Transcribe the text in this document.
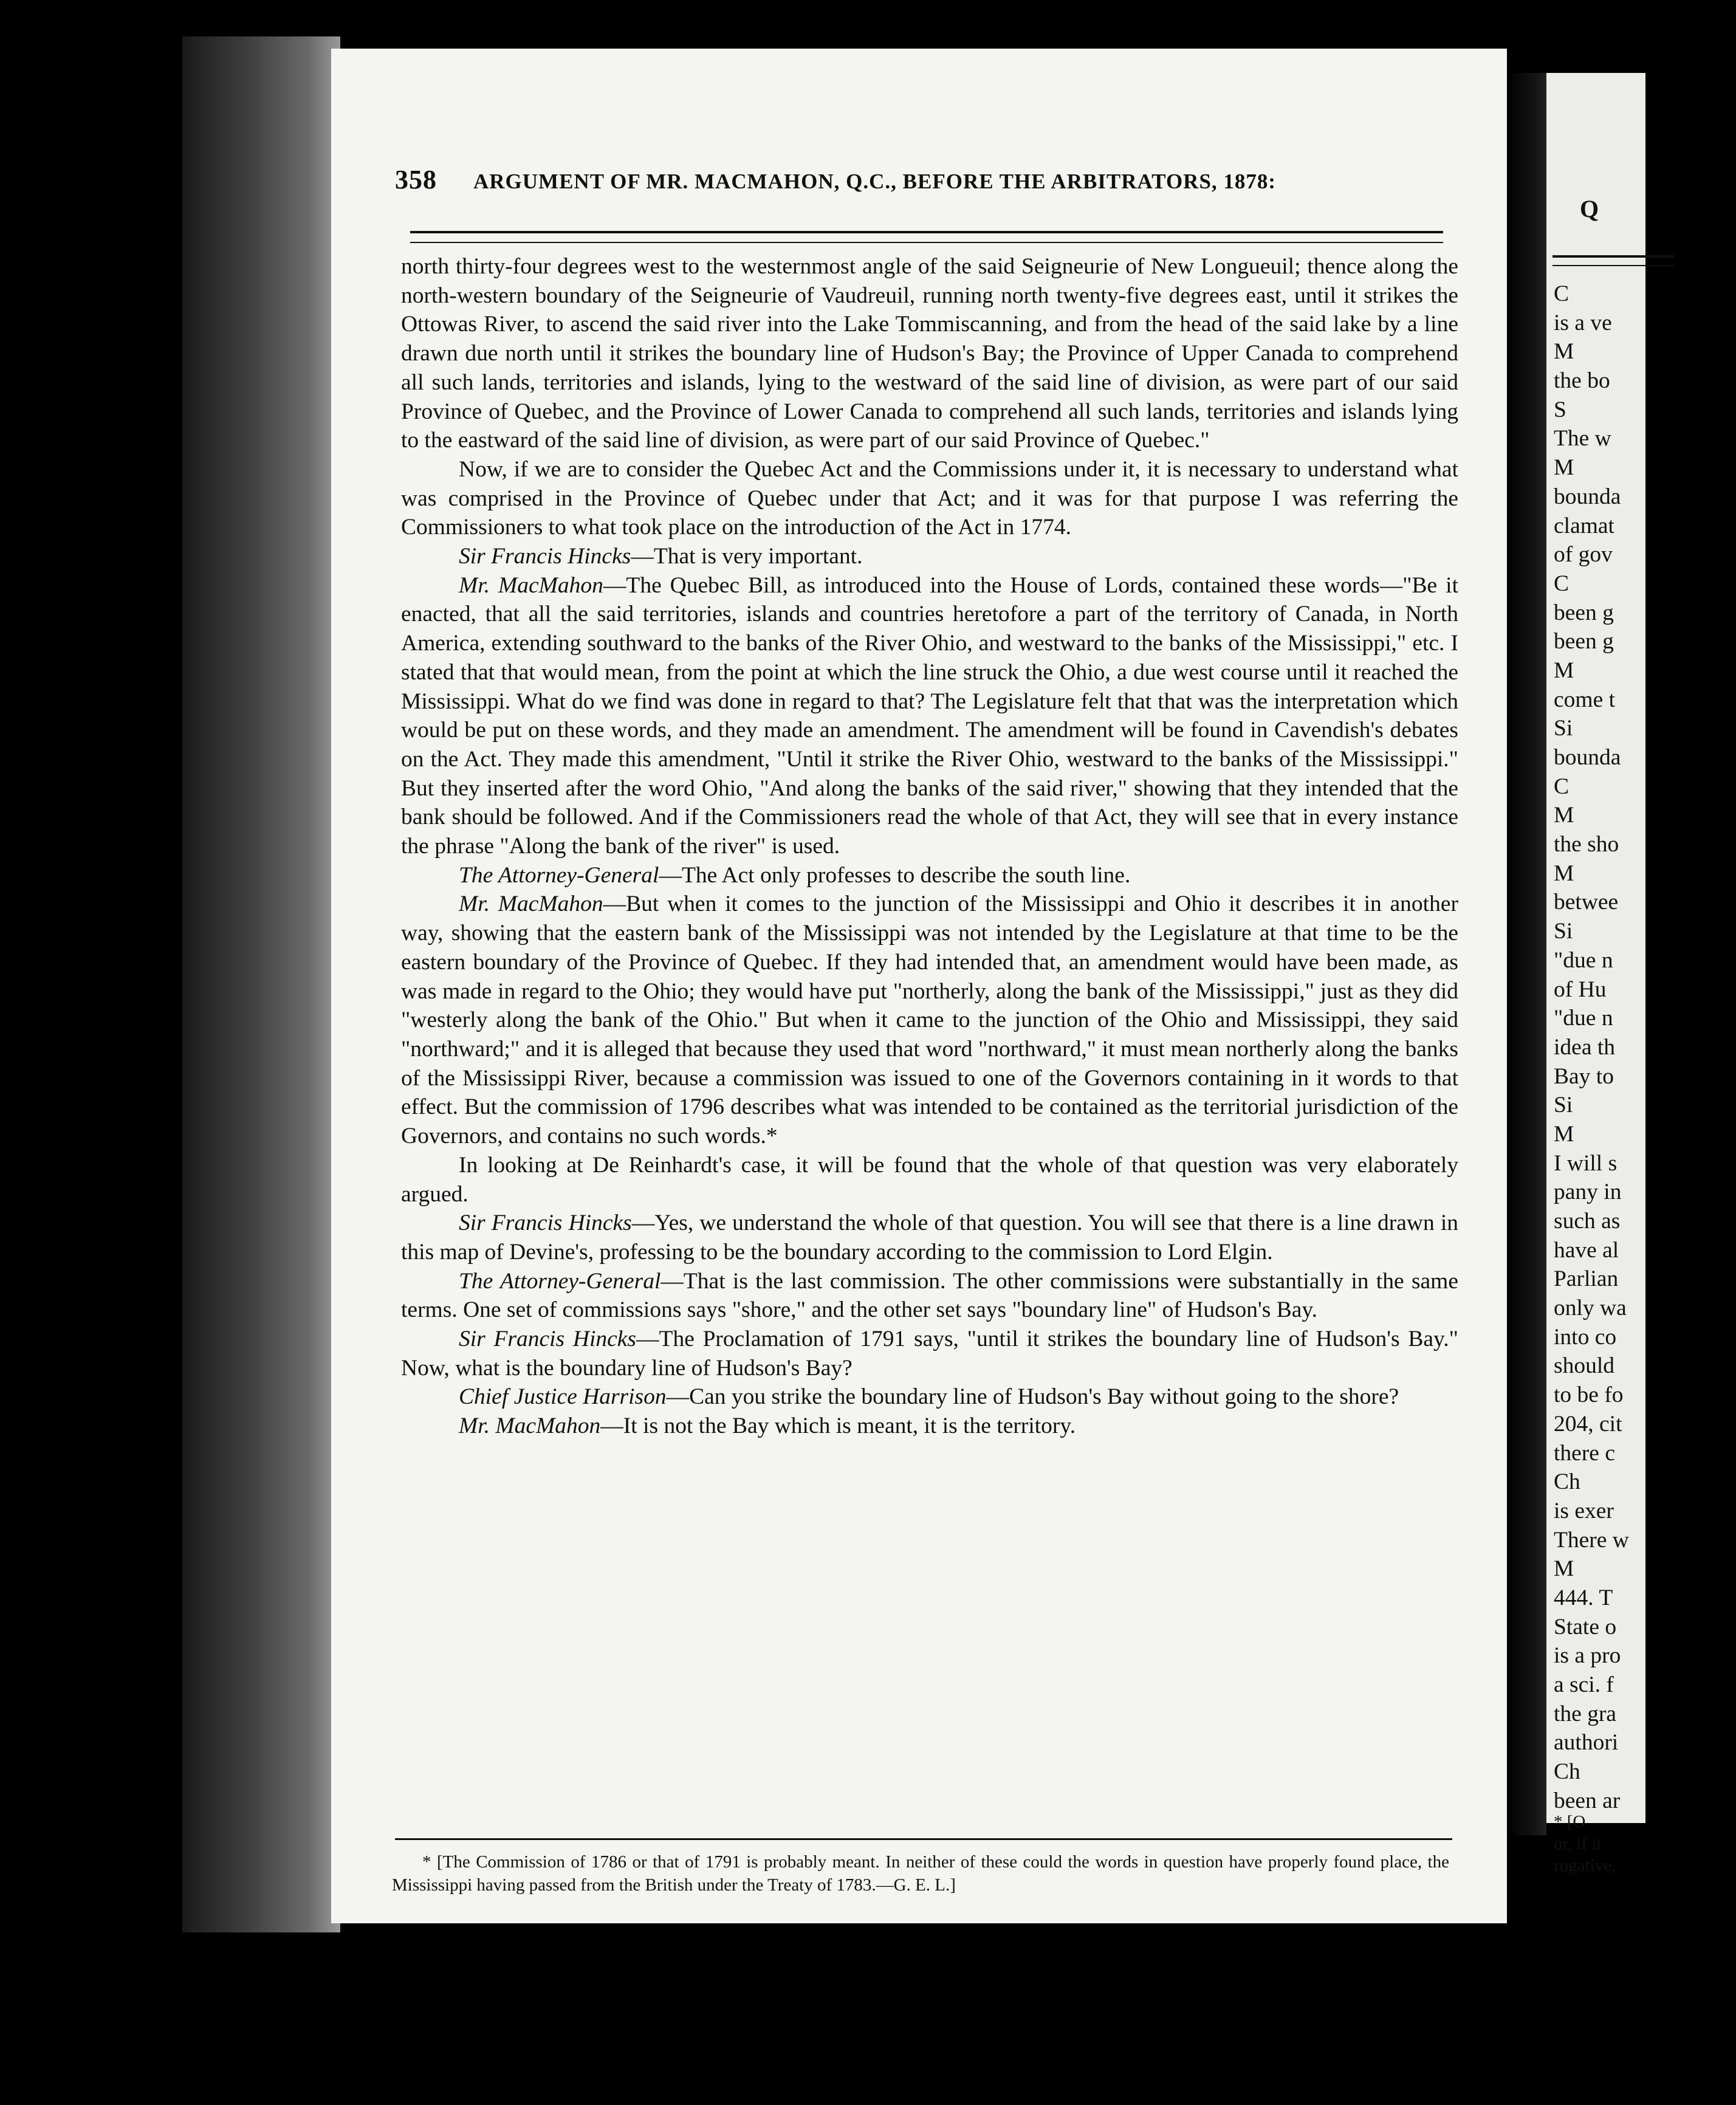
358 ARGUMENT OF MR. MACMAHON, Q.C., BEFORE THE ARBITRATORS, 1878:

north thirty-four degrees west to the westernmost angle of the said Seigneurie of New Longueuil; thence along the north-western boundary of the Seigneurie of Vaudreuil, running north twenty-five degrees east, until it strikes the Ottowas River, to ascend the said river into the Lake Tommiscanning, and from the head of the said lake by a line drawn due north until it strikes the boundary line of Hudson's Bay; the Province of Upper Canada to comprehend all such lands, territories and islands, lying to the westward of the said line of division, as were part of our said Province of Quebec, and the Province of Lower Canada to comprehend all such lands, territories and islands lying to the eastward of the said line of division, as were part of our said Province of Quebec."

Now, if we are to consider the Quebec Act and the Commissions under it, it is necessary to understand what was comprised in the Province of Quebec under that Act; and it was for that purpose I was referring the Commissioners to what took place on the introduction of the Act in 1774.

Sir Francis Hincks—That is very important.

Mr. MacMahon—The Quebec Bill, as introduced into the House of Lords, contained these words—"Be it enacted, that all the said territories, islands and countries heretofore a part of the territory of Canada, in North America, extending southward to the banks of the River Ohio, and westward to the banks of the Mississippi," etc. I stated that that would mean, from the point at which the line struck the Ohio, a due west course until it reached the Mississippi. What do we find was done in regard to that? The Legislature felt that that was the interpretation which would be put on these words, and they made an amendment. The amendment will be found in Cavendish's debates on the Act. They made this amendment, "Until it strike the River Ohio, westward to the banks of the Mississippi." But they inserted after the word Ohio, "And along the banks of the said river," showing that they intended that the bank should be followed. And if the Commissioners read the whole of that Act, they will see that in every instance the phrase "Along the bank of the river" is used.

The Attorney-General—The Act only professes to describe the south line.

Mr. MacMahon—But when it comes to the junction of the Mississippi and Ohio it describes it in another way, showing that the eastern bank of the Mississippi was not intended by the Legislature at that time to be the eastern boundary of the Province of Quebec. If they had intended that, an amendment would have been made, as was made in regard to the Ohio; they would have put "northerly, along the bank of the Mississippi," just as they did "westerly along the bank of the Ohio." But when it came to the junction of the Ohio and Mississippi, they said "northward;" and it is alleged that because they used that word "northward," it must mean northerly along the banks of the Mississippi River, because a commission was issued to one of the Governors containing in it words to that effect. But the commission of 1796 describes what was intended to be contained as the territorial jurisdiction of the Governors, and contains no such words.*

In looking at De Reinhardt's case, it will be found that the whole of that question was very elaborately argued.

Sir Francis Hincks—Yes, we understand the whole of that question. You will see that there is a line drawn in this map of Devine's, professing to be the boundary according to the commission to Lord Elgin.

The Attorney-General—That is the last commission. The other commissions were substantially in the same terms. One set of commissions says "shore," and the other set says "boundary line" of Hudson's Bay.

Sir Francis Hincks—The Proclamation of 1791 says, "until it strikes the boundary line of Hudson's Bay." Now, what is the boundary line of Hudson's Bay?

Chief Justice Harrison—Can you strike the boundary line of Hudson's Bay without going to the shore?

Mr. MacMahon—It is not the Bay which is meant, it is the territory.

* [The Commission of 1786 or that of 1791 is probably meant. In neither of these could the words in question have properly found place, the Mississippi having passed from the British under the Treaty of 1783.—G. E. L.]

Q
C
is a ve
M
the bo
S
The w
M
bounda
clamat
of gov
C
been g
been g
M
come t
Si
bounda
C
M
the sho
M
betwee
Si
"due n
of Hu
"due n
idea th
Bay to
Si
M
I will s
pany in
such as
have al
Parlian
only wa
into co
should
to be fo
204, cit
there c
Ch
is exer
There w
M
444. T
State o
is a pro
a sci. f
the gra
authori
Ch
been ar
* [O
or, if it
rogative,
